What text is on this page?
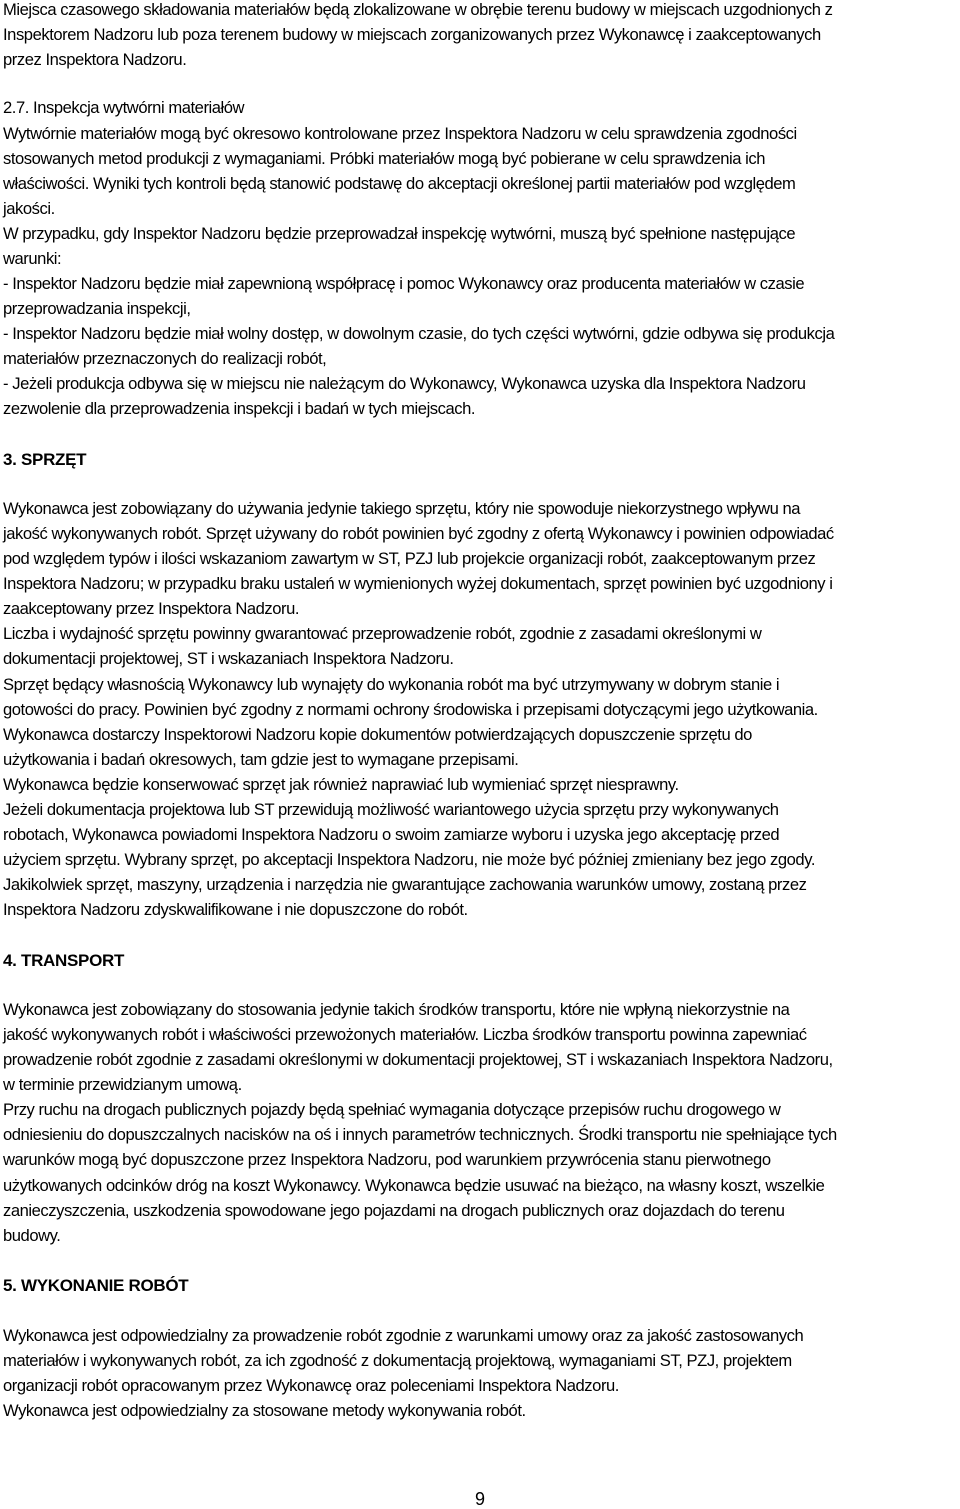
Miejsca czasowego składowania materiałów będą zlokalizowane w obrębie terenu budowy w miejscach uzgodnionych z

Inspektorem Nadzoru lub poza terenem budowy w miejscach zorganizowanych przez Wykonawcę i zaakceptowanych

przez Inspektora Nadzoru.

2.7. Inspekcja wytwórni materiałów

Wytwórnie materiałów mogą być okresowo kontrolowane przez Inspektora Nadzoru w celu sprawdzenia zgodności

stosowanych metod produkcji z wymaganiami. Próbki materiałów mogą być pobierane w celu sprawdzenia ich

właściwości. Wyniki tych kontroli będą stanowić podstawę do akceptacji określonej partii materiałów pod względem

jakości.

W przypadku, gdy Inspektor Nadzoru będzie przeprowadzał inspekcję wytwórni, muszą być spełnione następujące

warunki:

- Inspektor Nadzoru będzie miał zapewnioną współpracę i pomoc Wykonawcy oraz producenta materiałów w czasie

przeprowadzania inspekcji,

- Inspektor Nadzoru będzie miał wolny dostęp, w dowolnym czasie, do tych części wytwórni, gdzie odbywa się produkcja

materiałów przeznaczonych do realizacji robót,

- Jeżeli produkcja odbywa się w miejscu nie należącym do Wykonawcy, Wykonawca uzyska dla Inspektora Nadzoru

zezwolenie dla przeprowadzenia inspekcji i badań w tych miejscach.

3. SPRZĘT

Wykonawca jest zobowiązany do używania jedynie takiego sprzętu, który nie spowoduje niekorzystnego wpływu na

jakość wykonywanych robót. Sprzęt używany do robót powinien być zgodny z ofertą Wykonawcy i powinien odpowiadać

pod względem typów i ilości wskazaniom zawartym w ST, PZJ lub projekcie organizacji robót, zaakceptowanym przez

Inspektora Nadzoru; w przypadku braku ustaleń w wymienionych wyżej dokumentach, sprzęt powinien być uzgodniony i

zaakceptowany przez Inspektora Nadzoru.

Liczba i wydajność sprzętu powinny gwarantować przeprowadzenie robót, zgodnie z zasadami określonymi w

dokumentacji projektowej, ST i wskazaniach Inspektora Nadzoru.

Sprzęt będący własnością Wykonawcy lub wynajęty do wykonania robót ma być utrzymywany w dobrym stanie i

gotowości do pracy. Powinien być zgodny z normami ochrony środowiska i przepisami dotyczącymi jego użytkowania.

Wykonawca dostarczy Inspektorowi Nadzoru kopie dokumentów potwierdzających dopuszczenie sprzętu do

użytkowania i badań okresowych, tam gdzie jest to wymagane przepisami.

Wykonawca będzie konserwować sprzęt jak również naprawiać lub wymieniać sprzęt niesprawny.

Jeżeli dokumentacja projektowa lub ST przewidują możliwość wariantowego użycia sprzętu przy wykonywanych

robotach, Wykonawca powiadomi Inspektora Nadzoru o swoim zamiarze wyboru i uzyska jego akceptację przed

użyciem sprzętu. Wybrany sprzęt, po akceptacji Inspektora Nadzoru, nie może być później zmieniany bez jego zgody.

Jakikolwiek sprzęt, maszyny, urządzenia i narzędzia nie gwarantujące zachowania warunków umowy, zostaną przez

Inspektora Nadzoru zdyskwalifikowane i nie dopuszczone do robót.

4. TRANSPORT

Wykonawca jest zobowiązany do stosowania jedynie takich środków transportu, które nie wpłyną niekorzystnie na

jakość wykonywanych robót i właściwości przewożonych materiałów. Liczba środków transportu powinna zapewniać

prowadzenie robót zgodnie z zasadami określonymi w dokumentacji projektowej, ST i wskazaniach Inspektora Nadzoru,

w terminie przewidzianym umową.

Przy ruchu na drogach publicznych pojazdy będą spełniać wymagania dotyczące przepisów ruchu drogowego w

odniesieniu do dopuszczalnych nacisków na oś i innych parametrów technicznych. Środki transportu nie spełniające tych

warunków mogą być dopuszczone przez Inspektora Nadzoru, pod warunkiem przywrócenia stanu pierwotnego

użytkowanych odcinków dróg na koszt Wykonawcy. Wykonawca będzie usuwać na bieżąco, na własny koszt, wszelkie

zanieczyszczenia, uszkodzenia spowodowane jego pojazdami na drogach publicznych oraz dojazdach do terenu

budowy.

5. WYKONANIE ROBÓT

Wykonawca jest odpowiedzialny za prowadzenie robót zgodnie z warunkami umowy oraz za jakość zastosowanych

materiałów i wykonywanych robót, za ich zgodność z dokumentacją projektową, wymaganiami ST, PZJ, projektem

organizacji robót opracowanym przez Wykonawcę oraz poleceniami Inspektora Nadzoru.

Wykonawca jest odpowiedzialny za stosowane metody wykonywania robót.

9
